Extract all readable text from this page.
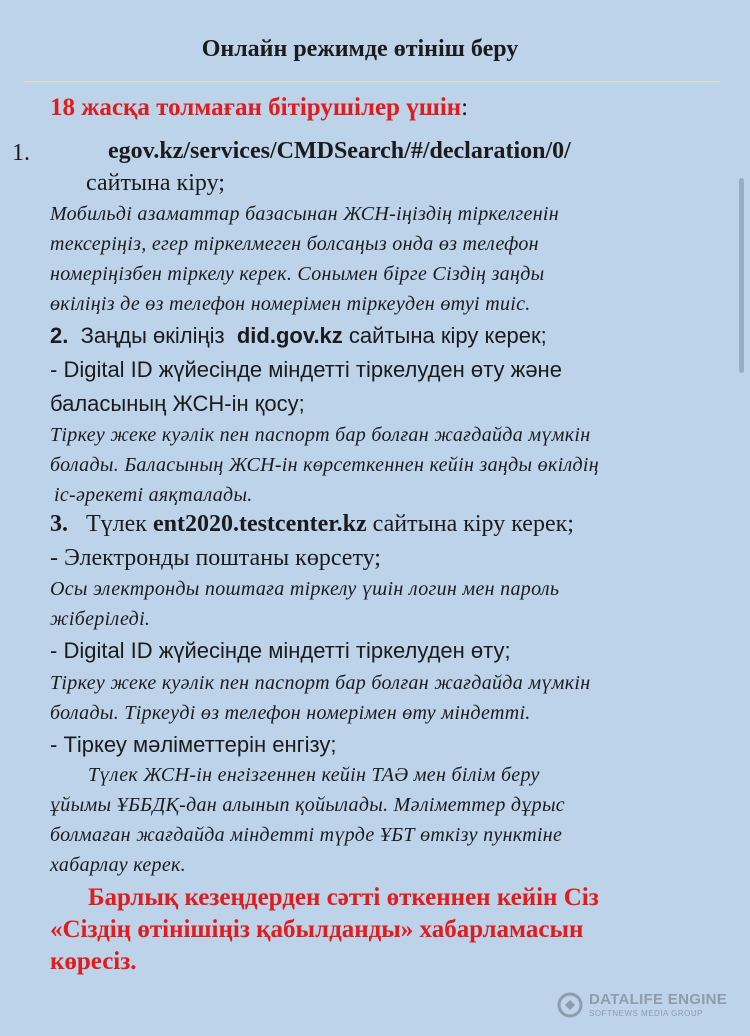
Онлайн режимде өтініш беру
18 жасқа толмаған бітірушілер үшін:
1.	egov.kz/services/CMDSearch/#/declaration/0/
сайтына кіру;
Мобильді азаматтар базасынан ЖСН-іңіздің тіркелгенін
тексеріңіз, егер тіркелмеген болсаңыз онда өз телефон
номеріңізбен тіркелу керек. Сонымен бірге Сіздің заңды
өкіліңіз де өз телефон номерімен тіркеуден өтуі тиіс.
2. Заңды өкіліңіз did.gov.kz сайтына кіру керек;
- Digital ID жүйесінде міндетті тіркелуден өту және
баласының ЖСН-ін қосу;
Тіркеу жеке куәлік пен паспорт бар болған жағдайда мүмкін
болады. Баласының ЖСН-ін көрсеткеннен кейін заңды өкілдің
іс-әрекеті аяқталады.
3. Түлек ent2020.testcenter.kz сайтына кіру керек;
- Электронды поштаны көрсету;
Осы электронды поштаға тіркелу үшін логин мен пароль
жіберіледі.
- Digital ID жүйесінде міндетті тіркелуден өту;
Тіркеу жеке куәлік пен паспорт бар болған жағдайда мүмкін
болады. Тіркеуді өз телефон номерімен өту міндетті.
- Тіркеу мәліметтерін енгізу;
Түлек ЖСН-ін енгізгеннен кейін ТАӘ мен білім беру
ұйымы ҰББДҚ-дан алынып қойылады. Мәліметтер дұрыс
болмаған жағдайда міндетті түрде ҰБТ өткізу пунктіне
хабарлау керек.
Барлық кезеңдерден сәтті өткеннен кейін Сіз
«Сіздің өтінішіңіз қабылданды» хабарламасын
көресіз.
DATALIFE ENGINE
SOFTNEWS MEDIA GROUP
